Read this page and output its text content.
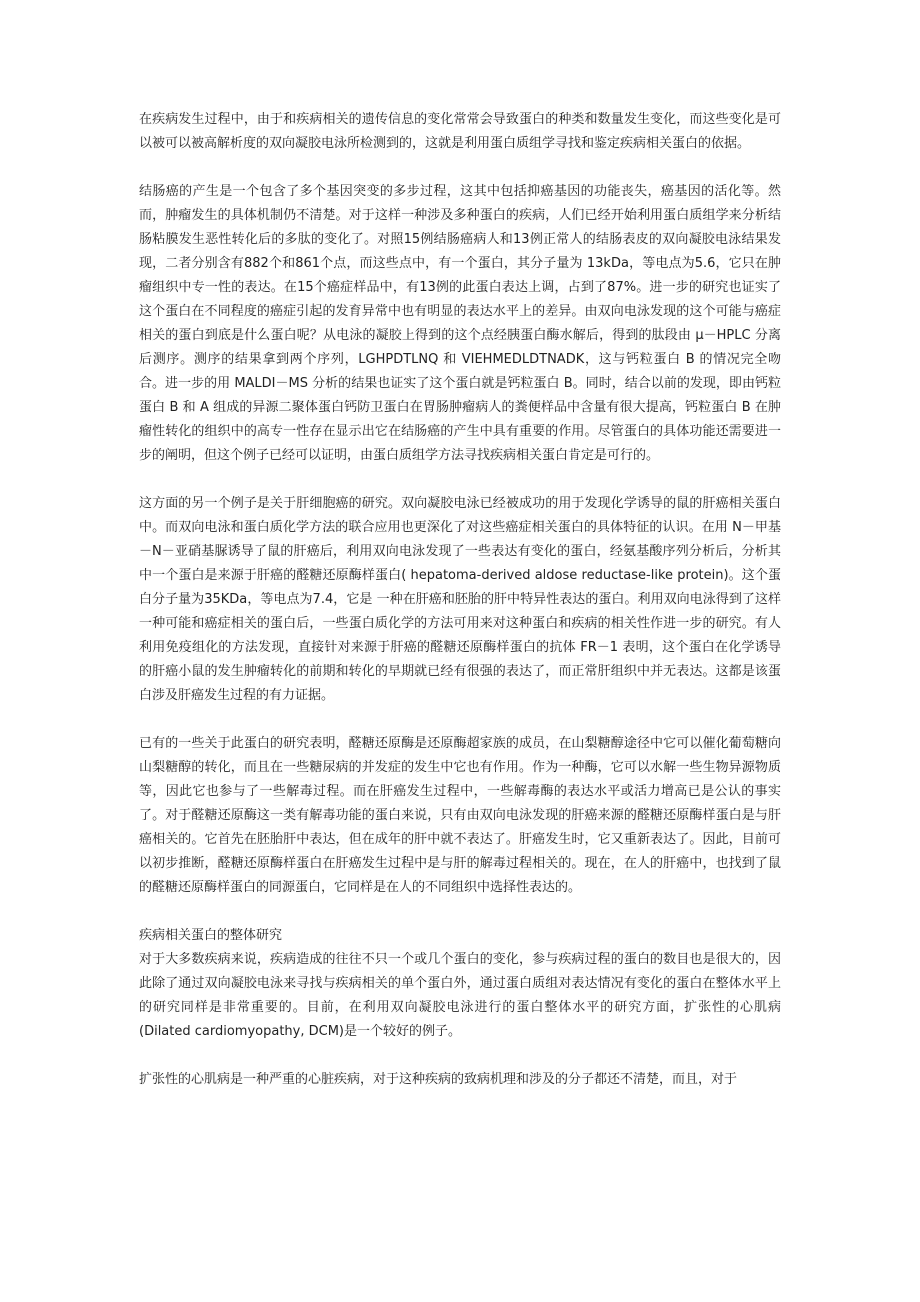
在疾病发生过程中，由于和疾病相关的遗传信息的变化常常会导致蛋白的种类和数量发生变化，而这些变化是可以被可以被高解析度的双向凝胶电泳所检测到的，这就是利用蛋白质组学寻找和鉴定疾病相关蛋白的依据。

结肠癌的产生是一个包含了多个基因突变的多步过程，这其中包括抑癌基因的功能丧失，癌基因的活化等。然而，肿瘤发生的具体机制仍不清楚。对于这样一种涉及多种蛋白的疾病，人们已经开始利用蛋白质组学来分析结肠粘膜发生恶性转化后的多肽的变化了。对照15例结肠癌病人和13例正常人的结肠表皮的双向凝胶电泳结果发现，二者分别含有882个和861个点，而这些点中，有一个蛋白，其分子量为 13kDa，等电点为5.6，它只在肿瘤组织中专一性的表达。在15个癌症样品中，有13例的此蛋白表达上调，占到了87%。进一步的研究也证实了这个蛋白在不同程度的癌症引起的发育异常中也有明显的表达水平上的差异。由双向电泳发现的这个可能与癌症相关的蛋白到底是什么蛋白呢？从电泳的凝胶上得到的这个点经胰蛋白酶水解后，得到的肽段由 μ－HPLC 分离后测序。测序的结果拿到两个序列，LGHPDTLNQ 和 VIEHMEDLDTNADK，这与钙粒蛋白 B 的情况完全吻合。进一步的用 MALDI－MS 分析的结果也证实了这个蛋白就是钙粒蛋白 B。同时，结合以前的发现，即由钙粒蛋白 B 和 A 组成的异源二聚体蛋白钙防卫蛋白在胃肠肿瘤病人的粪便样品中含量有很大提高，钙粒蛋白 B 在肿瘤性转化的组织中的高专一性存在显示出它在结肠癌的产生中具有重要的作用。尽管蛋白的具体功能还需要进一步的阐明，但这个例子已经可以证明，由蛋白质组学方法寻找疾病相关蛋白肯定是可行的。

这方面的另一个例子是关于肝细胞癌的研究。双向凝胶电泳已经被成功的用于发现化学诱导的鼠的肝癌相关蛋白中。而双向电泳和蛋白质化学方法的联合应用也更深化了对这些癌症相关蛋白的具体特征的认识。在用 N－甲基－N－亚硝基脲诱导了鼠的肝癌后，利用双向电泳发现了一些表达有变化的蛋白，经氨基酸序列分析后，分析其中一个蛋白是来源于肝癌的醛糖还原酶样蛋白( hepatoma-derived aldose reductase-like protein)。这个蛋白分子量为35KDa，等电点为7.4，它是 一种在肝癌和胚胎的肝中特异性表达的蛋白。利用双向电泳得到了这样一种可能和癌症相关的蛋白后，一些蛋白质化学的方法可用来对这种蛋白和疾病的相关性作进一步的研究。有人利用免疫组化的方法发现，直接针对来源于肝癌的醛糖还原酶样蛋白的抗体 FR－1 表明，这个蛋白在化学诱导的肝癌小鼠的发生肿瘤转化的前期和转化的早期就已经有很强的表达了，而正常肝组织中并无表达。这都是该蛋白涉及肝癌发生过程的有力证据。

已有的一些关于此蛋白的研究表明，醛糖还原酶是还原酶超家族的成员，在山梨糖醇途径中它可以催化葡萄糖向山梨糖醇的转化，而且在一些糖尿病的并发症的发生中它也有作用。作为一种酶，它可以水解一些生物异源物质等，因此它也参与了一些解毒过程。而在肝癌发生过程中，一些解毒酶的表达水平或活力增高已是公认的事实了。对于醛糖还原酶这一类有解毒功能的蛋白来说，只有由双向电泳发现的肝癌来源的醛糖还原酶样蛋白是与肝癌相关的。它首先在胚胎肝中表达，但在成年的肝中就不表达了。肝癌发生时，它又重新表达了。因此，目前可以初步推断，醛糖还原酶样蛋白在肝癌发生过程中是与肝的解毒过程相关的。现在，在人的肝癌中，也找到了鼠的醛糖还原酶样蛋白的同源蛋白，它同样是在人的不同组织中选择性表达的。

疾病相关蛋白的整体研究

对于大多数疾病来说，疾病造成的往往不只一个或几个蛋白的变化，参与疾病过程的蛋白的数目也是很大的，因此除了通过双向凝胶电泳来寻找与疾病相关的单个蛋白外，通过蛋白质组对表达情况有变化的蛋白在整体水平上的研究同样是非常重要的。目前，在利用双向凝胶电泳进行的蛋白整体水平的研究方面，扩张性的心肌病(Dilated cardiomyopathy, DCM)是一个较好的例子。

扩张性的心肌病是一种严重的心脏疾病，对于这种疾病的致病机理和涉及的分子都还不清楚，而且，对于
